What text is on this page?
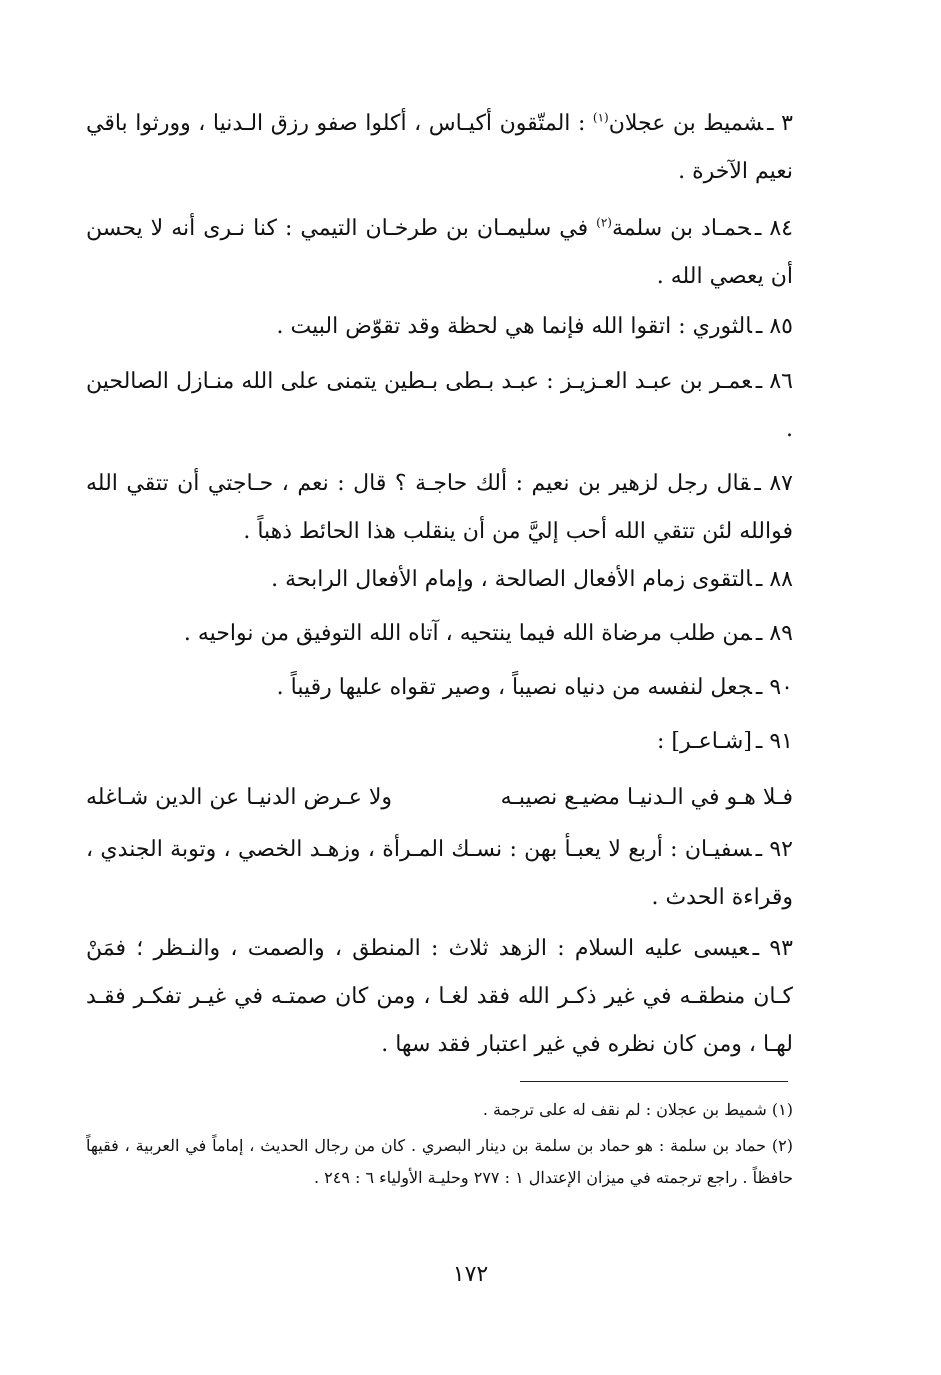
٣ ـشميط بن عجلان$^{(١)}$ : المتّقون أكيـاس ، أكلوا صفو رزق الـدنيا ، وورثوا باقي نعيم الآخرة .

٨٤ ـحمـاد بن سلمة$^{(٢)}$ في سليمـان بن طرخـان التيمي : كنا نـرى أنه لا يحسن أن يعصي الله .

٨٥ ـالثوري : اتقوا الله فإنما هي لحظة وقد تقوّض البيت .

٨٦ ـعمـر بن عبـد العـزيـز : عبـد بـطى بـطين يتمنى على الله منـازل الصالحين .

٨٧ ـقال رجل لزهير بن نعيم : ألك حاجـة ؟ قال : نعم ، حـاجتي أن تتقي الله فوالله لئن تتقي الله أحب إليَّ من أن ينقلب هذا الحائط ذهباً .

٨٨ ـالتقوى زمام الأفعال الصالحة ، وإمام الأفعال الرابحة .

٨٩ ـمن طلب مرضاة الله فيما ينتحيه ، آتاه الله التوفيق من نواحيه .

٩٠ ـجعل لنفسه من دنياه نصيباً ، وصير تقواه عليها رقيباً .

٩١ ـ[شـاعـر] :

فـلا هـو في الـدنيـا مضيـع نصيبـه
ولا عـرض الدنيـا عن الدين شـاغله

٩٢ ـسفيـان : أربع لا يعبـأ بهن : نسـك المـرأة ، وزهـد الخصي ، وتوبة الجندي ، وقراءة الحدث .

٩٣ ـعيسى عليه السلام : الزهد ثلاث : المنطق ، والصمت ، والنـظر ؛ فمَنْ كـان منطقـه في غير ذكـر الله فقد لغـا ، ومن كان صمتـه في غيـر تفكـر فقـد لهـا ، ومن كان نظره في غير اعتبار فقد سها .

(١) شميط بن عجلان : لم نقف له على ترجمة .

(٢) حماد بن سلمة : هو حماد بن سلمة بن دينار البصري . كان من رجال الحديث ، إماماً في العربية ، فقيهاً حافظاً . راجع ترجمته في ميزان الإعتدال ١ : ٢٧٧ وحليـة الأولياء ٦ : ٢٤٩ .

١٧٢
